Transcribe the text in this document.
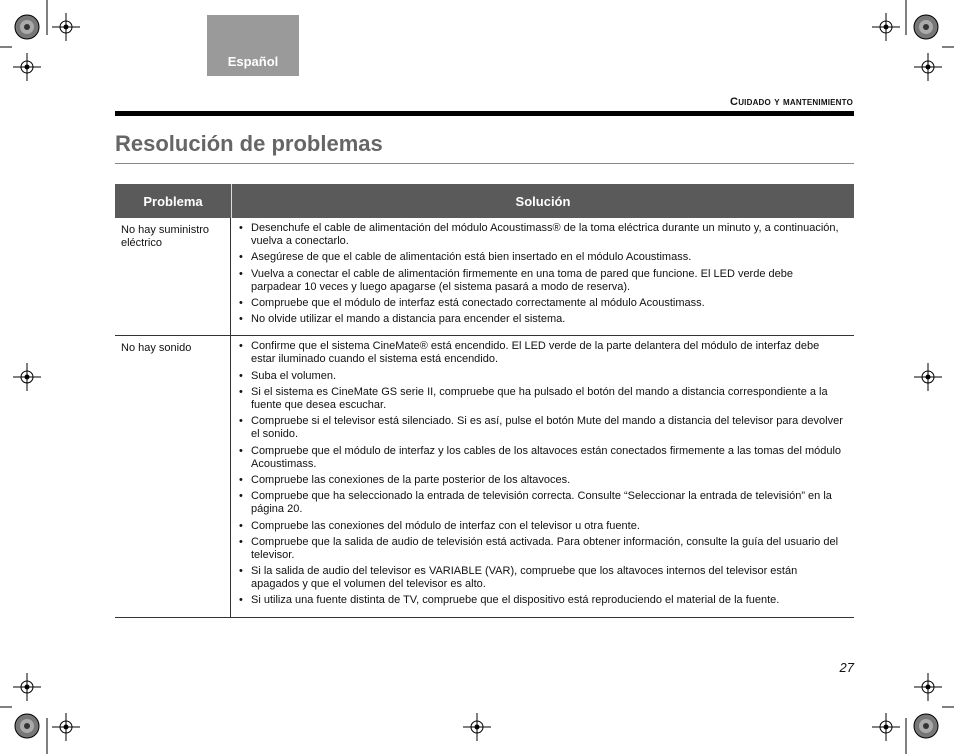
Español
Cuidado y mantenimiento
Resolución de problemas
Problema	Solución
No hay suministro eléctrico
• Desenchufe el cable de alimentación del módulo Acoustimass® de la toma eléctrica durante un minuto y, a continuación, vuelva a conectarlo.
• Asegúrese de que el cable de alimentación está bien insertado en el módulo Acoustimass.
• Vuelva a conectar el cable de alimentación firmemente en una toma de pared que funcione. El LED verde debe parpadear 10 veces y luego apagarse (el sistema pasará a modo de reserva).
• Compruebe que el módulo de interfaz está conectado correctamente al módulo Acoustimass.
• No olvide utilizar el mando a distancia para encender el sistema.
No hay sonido
•	Confirme que el sistema CineMate® está encendido. El LED verde de la parte delantera del módulo de interfaz debe estar iluminado cuando el sistema está encendido.
• Suba el volumen.
• Si el sistema es CineMate GS serie II, compruebe que ha pulsado el botón del mando a distancia correspondiente a la fuente que desea escuchar.
• Compruebe si el televisor está silenciado. Si es así, pulse el botón Mute del mando a distancia del televisor para devolver el sonido.
• Compruebe que el módulo de interfaz y los cables de los altavoces están conectados firmemente a las tomas del módulo Acoustimass.
• Compruebe las conexiones de la parte posterior de los altavoces.
• Compruebe que ha seleccionado la entrada de televisión correcta. Consulte “Seleccionar la entrada de televisión” en la página 20.
• Compruebe las conexiones del módulo de interfaz con el televisor u otra fuente.
• Compruebe que la salida de audio de televisión está activada. Para obtener información, consulte la guía del usuario del televisor.
• Si la salida de audio del televisor es VARIABLE (VAR), compruebe que los altavoces internos del televisor están apagados y que el volumen del televisor es alto.
• Si utiliza una fuente distinta de TV, compruebe que el dispositivo está reproduciendo el material de la fuente.
27
